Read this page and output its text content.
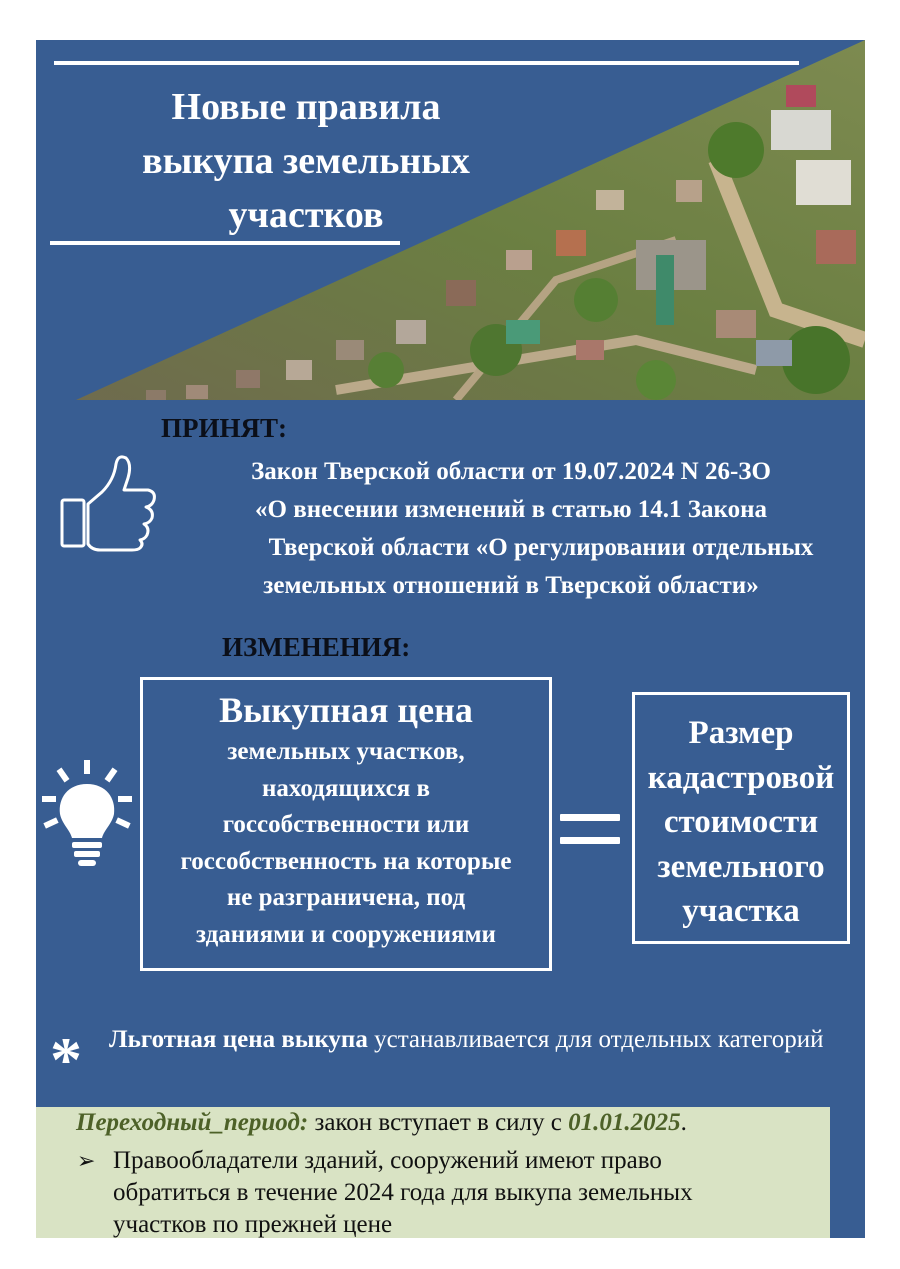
Новые правила
выкупа земельных
участков
ПРИНЯТ:
Закон Тверской области от 19.07.2024 N 26-ЗО
«О внесении изменений в статью 14.1 Закона
Тверской области «О регулировании отдельных
земельных отношений в Тверской области»
ИЗМЕНЕНИЯ:
Выкупная цена
земельных участков,
находящихся в
госсобственности или
госсобственность на которые
не разграничена, под
зданиями и сооружениями
Размер
кадастровой
стоимости
земельного
участка
* Льготная цена выкупа устанавливается для отдельных категорий
Переходный_период: закон вступает в силу с 01.01.2025.
➢ Правообладатели зданий, сооружений имеют право
обратиться в течение 2024 года для выкупа земельных
участков по прежней цене
